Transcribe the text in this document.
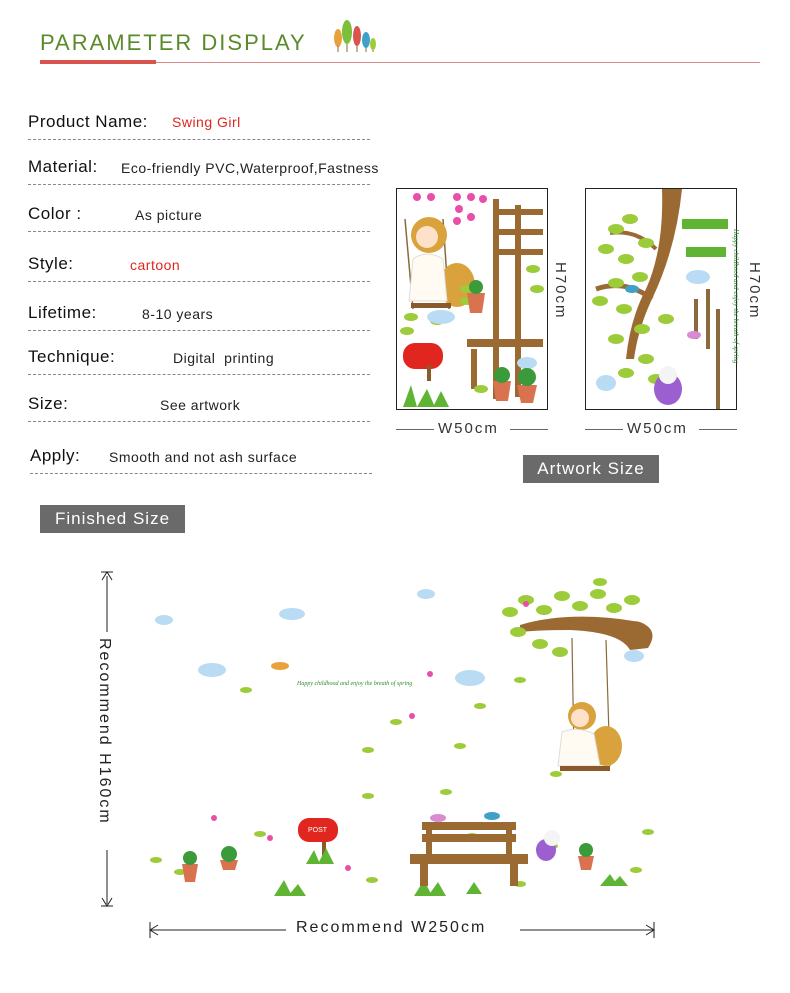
PARAMETER DISPLAY
Product Name: Swing Girl
Material: Eco-friendly PVC,Waterproof,Fastness
Color :	As picture
Style:	cartoon
Lifetime:	8-10 years
Technique:	Digital  printing
Size:	See artwork
Apply: Smooth and not ash surface
H70cm	Happy childhood and enjoy the breath of spring H70cm
W50cm	W50cm
Artwork Size
Finished Size
Happy childhood and enjoy the breath of spring
POST
Recommend H160cm
Recommend W250cm
